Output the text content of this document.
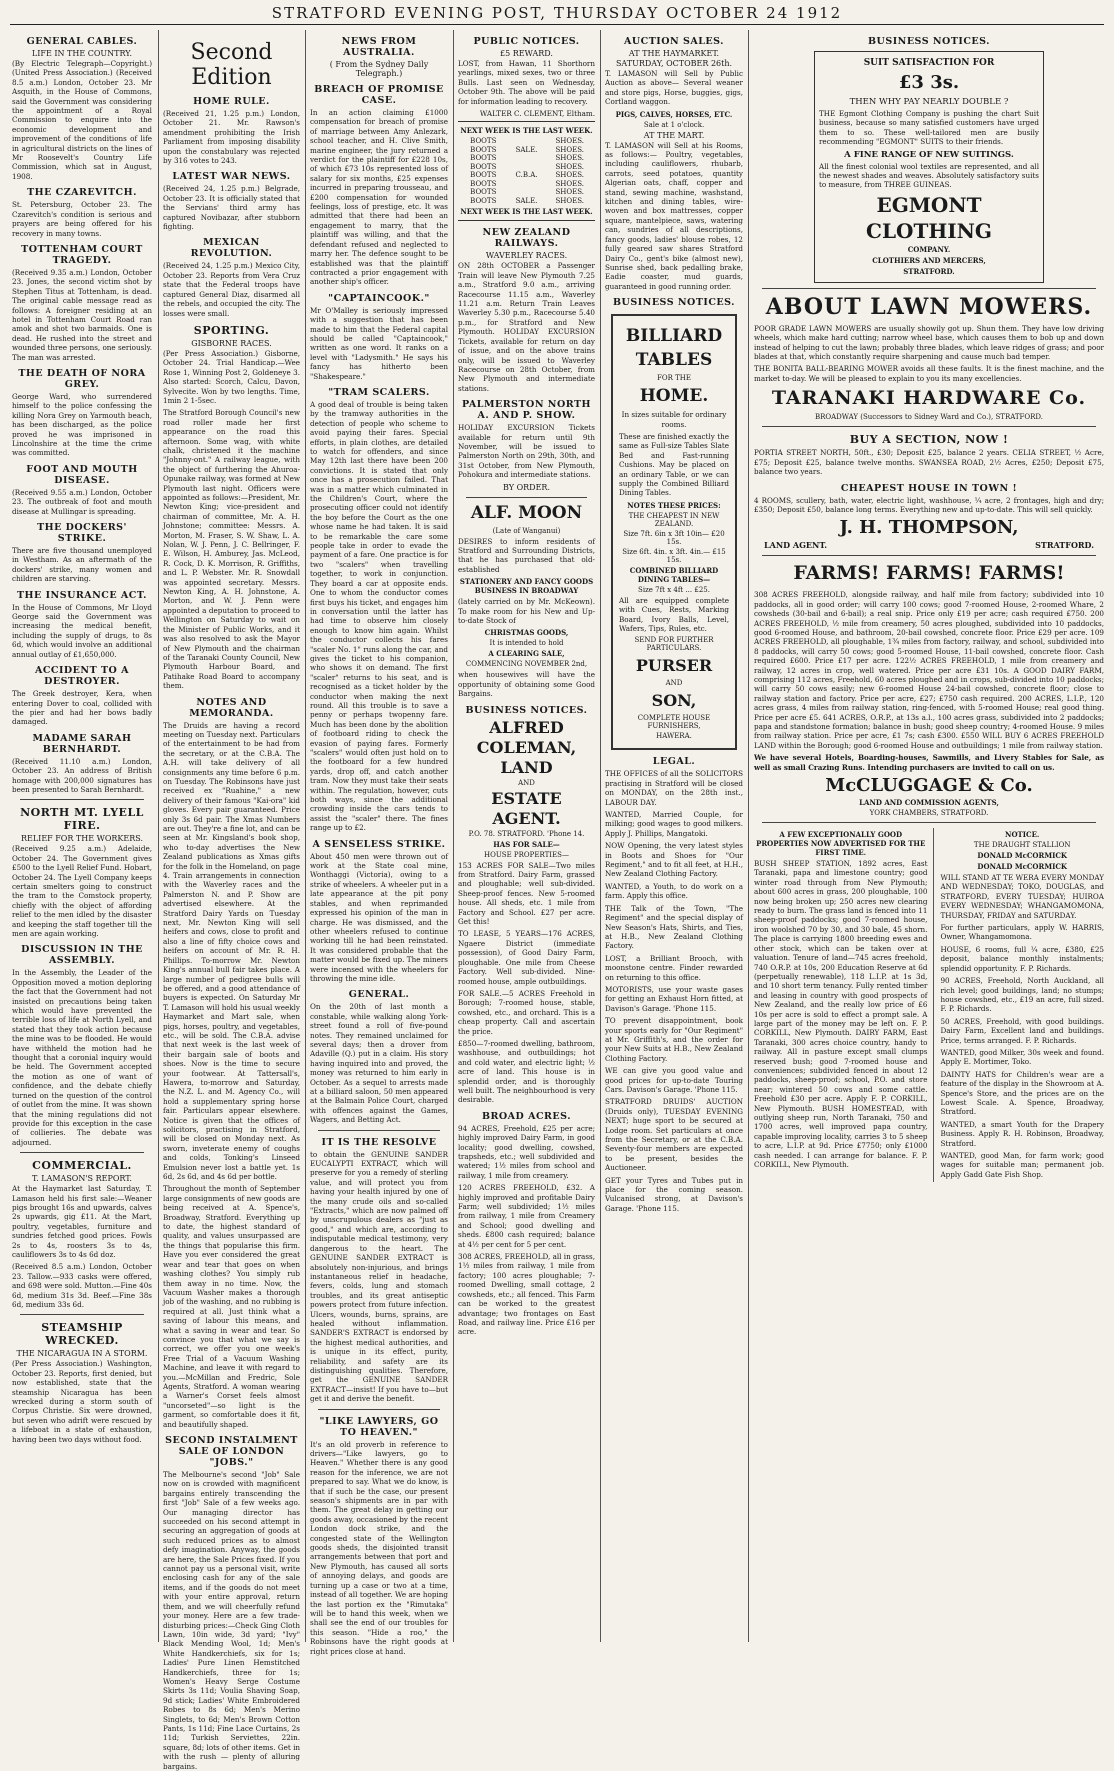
STRATFORD EVENING POST, THURSDAY OCTOBER 24 1912
GENERAL CABLES.
LIFE IN THE COUNTRY.

(By Electric Telegraph—Copyright.) (United Press Association.) (Received 8.5 a.m.) London, October 23. Mr Asquith, in the House of Commons, said the Government was considering the appointment of a Royal Commission to enquire into the economic development and improvement of the conditions of life in agricultural districts on the lines of Mr Roosevelt's Country Life Commission, which sat in August, 1908.

THE CZAREVITCH.

St. Petersburg, October 23. The Czarevitch's condition is serious and prayers are being offered for his recovery in many towns.

TOTTENHAM COURT TRAGEDY.

(Received 9.35 a.m.) London, October 23. Jones, the second victim shot by Stephen Titus at Tottenham, is dead. The original cable message read as follows: A foreigner residing at an hotel in Tottenham Court Road ran amok and shot two barmaids. One is dead. He rushed into the street and wounded three persons, one seriously. The man was arrested.

THE DEATH OF NORA GREY.

George Ward, who surrendered himself to the police confessing the killing Nora Grey on Yarmouth beach, has been discharged, as the police proved he was imprisoned in Lincolnshire at the time the crime was committed.

FOOT AND MOUTH DISEASE.

(Received 9.55 a.m.) London, October 23. The outbreak of foot and mouth disease at Mullingar is spreading.

THE DOCKERS' STRIKE.

There are five thousand unemployed in Westham. As an aftermath of the dockers' strike, many women and children are starving.

THE INSURANCE ACT.

In the House of Commons, Mr Lloyd George said the Government was increasing the medical benefit, including the supply of drugs, to 8s 6d, which would involve an additional annual outlay of £1,650,000.

ACCIDENT TO A DESTROYER.

The Greek destroyer, Kera, when entering Dover to coal, collided with the pier and had her bows badly damaged.

MADAME SARAH BERNHARDT.

(Received 11.10 a.m.) London, October 23. An address of British homage with 200,000 signatures has been presented to Sarah Bernhardt.

NORTH MT. LYELL FIRE.
RELIEF FOR THE WORKERS.

(Received 9.25 a.m.) Adelaide, October 24. The Government gives £500 to the Lyell Relief Fund. Hobart, October 24. The Lyell Company keeps certain smelters going to construct the tram to the Comstock property, chiefly with the object of affording relief to the men idled by the disaster and keeping the staff together till the men are again working.

DISCUSSION IN THE ASSEMBLY.

In the Assembly, the Leader of the Opposition moved a motion deploring the fact that the Government had not insisted on precautions being taken which would have prevented the terrible loss of life at North Lyell, and stated that they took action because the mine was to be flooded. He would have withheld the motion had he thought that a coronial inquiry would be held. The Government accepted the motion as one of want of confidence, and the debate chiefly turned on the question of the control of outlet from the mine. It was shown that the mining regulations did not provide for this exception in the case of collieries. The debate was adjourned.

COMMERCIAL.
T. LAMASON'S REPORT.

At the Haymarket last Saturday, T. Lamason held his first sale:—Weaner pigs brought 16s and upwards, calves 2s upwards, gig £11. At the Mart, poultry, vegetables, furniture and sundries fetched good prices. Fowls 2s to 4s, roosters 3s to 4s, cauliflowers 3s to 4s 6d doz.

(Received 8.5 a.m.) London, October 23. Tallow.—933 casks were offered, and 698 were sold. Mutton.—Fine 40s 6d, medium 31s 3d. Beef.—Fine 38s 6d, medium 33s 6d.

STEAMSHIP WRECKED.
THE NICARAGUA IN A STORM.

(Per Press Association.) Washington, October 23. Reports, first denied, but now established, state that the steamship Nicaragua has been wrecked during a storm south of Corpus Christie. Six were drowned, but seven who adrift were rescued by a lifeboat in a state of exhaustion, having been two days without food.

Second Edition
HOME RULE.

(Received 21, 1.25 p.m.) London, October 21. Mr. Rawson's amendment prohibiting the Irish Parliament from imposing disability upon the constabulary was rejected by 316 votes to 243.

LATEST WAR NEWS.

(Received 24, 1.25 p.m.) Belgrade, October 23. It is officially stated that the Servians' third army has captured Novibazar, after stubborn fighting.

MEXICAN REVOLUTION.

(Received 24, 1.25 p.m.) Mexico City, October 23. Reports from Vera Cruz state that the Federal troops have captured General Diaz, disarmed all the rebels, and occupied the city. The losses were small.

SPORTING.
GISBORNE RACES.

(Per Press Association.) Gisborne, October 24. Trial Handicap.—Wee Rose 1, Winning Post 2, Goldeneye 3. Also started: Scorch, Calcu, Davon, Sylvecite. Won by two lengths. Time, 1min 2 1-5sec.

The Stratford Borough Council's new road roller made her first appearance on the road this afternoon. Some wag, with white chalk, christened it the machine "Johnny-ont." A railway league, with the object of furthering the Ahuroa-Opunake railway, was formed at New Plymouth last night. Officers were appointed as follows:—President, Mr. Newton King; vice-president and chairman of committee, Mr. A. H. Johnstone; committee: Messrs. A. Morton, M. Fraser, S. W. Shaw, L. A. Nolan, W. J. Penn, J. C. Bellringer, F. E. Wilson, H. Amburey, Jas. McLeod, R. Cock, D. K. Morrison, R. Griffiths, and L. P. Webster. Mr. R. Snowdall was appointed secretary. Messrs. Newton King, A. H. Johnstone, A. Morton, and W. J. Penn were appointed a deputation to proceed to Wellington on Saturday to wait on the Minister of Public Works, and it was also resolved to ask the Mayor of New Plymouth and the chairman of the Taranaki County Council, New Plymouth Harbour Board, and Patihake Road Board to accompany them.

NOTES AND MEMORANDA.

The Druids are having a record meeting on Tuesday next. Particulars of the entertainment to be had from the secretary, or at the C.B.A. The A.H. will take delivery of all consignments any time before 6 p.m. on Tuesday. The Robinsons have just received ex "Ruahine," a new delivery of their famous "Kai-ora" kid gloves. Every pair guaranteed. Price only 3s 6d pair. The Xmas Numbers are out. They're a fine lot, and can be seen at Mr. Kingsland's book shop, who to-day advertises the New Zealand publications as Xmas gifts for the folk in the Homeland, on page 4. Train arrangements in connection with the Waverley races and the Palmerston N. and P. Show are advertised elsewhere. At the Stratford Dairy Yards on Tuesday next, Mr. Newton King will sell heifers and cows, close to profit and also a line of fifty choice cows and heifers on account of Mr. R. H. Phillips. To-morrow Mr. Newton King's annual bull fair takes place. A large number of pedigree bulls will be offered, and a good attendance of buyers is expected. On Saturday Mr T. Lamason will hold his usual weekly Haymarket and Mart sale, when pigs, horses, poultry, and vegetables, etc., will be sold. The C.B.A. advise that next week is the last week of their bargain sale of boots and shoes. Now is the time to secure your footwear. At Tattersall's, Hawera, to-morrow and Saturday, the N.Z. L. and M. Agency Co., will hold a supplementary spring horse fair. Particulars appear elsewhere. Notice is given that the offices of solicitors, practising in Stratford, will be closed on Monday next. As sworn, inveterate enemy of coughs and colds, Tonking's Linseed Emulsion never lost a battle yet. 1s 6d, 2s 6d, and 4s 6d per bottle.

Throughout the month of September large consignments of new goods are being received at A. Spence's, Broadway, Stratford. Everything up to date, the highest standard of quality, and values unsurpassed are the things that popularise this firm. Have you ever considered the great wear and tear that goes on when washing clothes? You simply rub them away in no time. Now, the Vacuum Washer makes a thorough job of the washing, and no rubbing is required at all. Just think what a saving of labour this means, and what a saving in wear and tear. So convince you that what we say is correct, we offer you one week's Free Trial of a Vacuum Washing Machine, and leave it with regard to you.—McMillan and Fredric, Sole Agents, Stratford. A woman wearing a Warner's Corset feels almost "uncorseted"—so light is the garment, so comfortable does it fit, and beautifully shaped.

SECOND INSTALMENT SALE OF LONDON "JOBS."

The Melbourne's second "Job" Sale now on is crowded with magnificent bargains entirely transcending the first "Job" Sale of a few weeks ago. Our managing director has succeeded on his second attempt in securing an aggregation of goods at such reduced prices as to almost defy imagination. Anyway, the goods are here, the Sale Prices fixed. If you cannot pay us a personal visit, write enclosing cash for any of the sale items, and if the goods do not meet with your entire approval, return them, and we will cheerfully refund your money. Here are a few trade-disturbing prices:—Check Ging Cloth Lawn, 10in wide, 3d yard; "Ivy" Black Mending Wool, 1d; Men's White Handkerchiefs, six for 1s; Ladies' Pure Linen Hemstitched Handkerchiefs, three for 1s; Women's Heavy Serge Costume Skirts 3s 11d; Voulia Shaving Soap, 9d stick; Ladies' White Embroidered Robes to 8s 6d; Men's Merino Singlets, to 6d; Men's Brown Cotton Pants, 1s 11d; Fine Lace Curtains, 2s 11d; Turkish Serviettes, 22in. square, 8d; lots of other items. Get in with the rush — plenty of alluring bargains.

NEWS FROM AUSTRALIA.
( From the Sydney Daily Telegraph.)
BREACH OF PROMISE CASE.

In an action claiming £1000 compensation for breach of promise of marriage between Amy Anlezark, school teacher, and H. Clive Smith, marine engineer, the jury returned a verdict for the plaintiff for £228 10s, of which £73 10s represented loss of salary for six months, £25 expenses incurred in preparing trousseau, and £200 compensation for wounded feelings, loss of prestige, etc. It was admitted that there had been an engagement to marry, that the plaintiff was willing, and that the defendant refused and neglected to marry her. The defence sought to be established was that the plaintiff contracted a prior engagement with another ship's officer.

"CAPTAINCOOK."

Mr O'Malley is seriously impressed with a suggestion that has been made to him that the Federal capital should be called "Captaincook," written as one word. It ranks on a level with "Ladysmith." He says his fancy has hitherto been "Shakespeare."

"TRAM SCALERS.

A good deal of trouble is being taken by the tramway authorities in the detection of people who scheme to avoid paying their fares. Special efforts, in plain clothes, are detailed to watch for offenders, and since May 12th last there have been 200 convictions. It is stated that only once has a prosecution failed. That was in a matter which culminated in the Children's Court, where the prosecuting officer could not identify the boy before the Court as the one whose name he had taken. It is said to be remarkable the care some people take in order to evade the payment of a fare. One practice is for two "scalers" when travelling together, to work in conjunction. They board a car at opposite ends. One to whom the conductor comes first buys his ticket, and engages him in conversation until the latter has had time to observe him closely enough to know him again. Whilst the conductor collects his fares "scaler No. 1" runs along the car, and gives the ticket to his companion, who shows it on demand. The first "scaler" returns to his seat, and is recognised as a ticket holder by the conductor when making the next round. All this trouble is to save a penny or perhaps twopenny fare. Much has been done by the abolition of footboard riding to check the evasion of paying fares. Formerly "scalers" would often just hold on to the footboard for a few hundred yards, drop off, and catch another tram. Now they must take their seats within. The regulation, however, cuts both ways, since the additional crowding inside the cars tends to assist the "scaler" there. The fines range up to £2.

A SENSELESS STRIKE.

About 450 men were thrown out of work at the State coal mine, Wonthaggi (Victoria), owing to a strike of wheelers. A wheeler put in a late appearance at the pit pony stables, and when reprimanded expressed his opinion of the man in charge. He was dismissed, and the other wheelers refused to continue working till he had been reinstated. It was considered probable that the matter would be fixed up. The miners were incensed with the wheelers for throwing the mine idle.

GENERAL.

On the 20th of last month a constable, while walking along York-street found a roll of five-pound notes. They remained unclaimed for several days; then a drover from Adaville (Q.) put in a claim. His story having inquired into and proved, the money was returned to him early in October. As a sequel to arrests made at a billiard saloon, 50 men appeared at the Balmain Police Court, charged with offences against the Games, Wagers, and Betting Act.

IT IS THE RESOLVE

to obtain the GENUINE SANDER EUCALYPTI EXTRACT, which will preserve for you a remedy of sterling value, and will protect you from having your health injured by one of the many crude oils and so-called "Extracts," which are now palmed off by unscrupulous dealers as "just as good," and which are, according to indisputable medical testimony, very dangerous to the heart. The GENUINE SANDER EXTRACT is absolutely non-injurious, and brings instantaneous relief in headache, fevers, colds, lung and stomach troubles, and its great antiseptic powers protect from future infection. Ulcers, wounds, burns, sprains, are healed without inflammation. SANDER'S EXTRACT is endorsed by the highest medical authorities, and is unique in its effect, purity, reliability, and safety are its distinguishing qualities. Therefore, get the GENUINE SANDER EXTRACT—insist! If you have to—but get it and derive the benefit.

"LIKE LAWYERS, GO TO HEAVEN."

It's an old proverb in reference to drivers—"Like lawyers, go to Heaven." Whether there is any good reason for the inference, we are not prepared to say. What we do know, is that if such be the case, our present season's shipments are in par with them. The great delay in getting our goods away, occasioned by the recent London dock strike, and the congested state of the Wellington goods sheds, the disjointed transit arrangements between that port and New Plymouth, has caused all sorts of annoying delays, and goods are turning up a case or two at a time, instead of all together. We are hoping the last portion ex the "Rimutaka" will be to hand this week, when we shall see the end of our troubles for this season. "Hide a roo," the Robinsons have the right goods at right prices close at hand.

PUBLIC NOTICES.
£5 REWARD.

LOST, from Hawan, 11 Shorthorn yearlings, mixed sexes, two or three Bulls. Last seen on Wednesday, October 9th. The above will be paid for information leading to recovery.

WALTER C. CLEMENT, Eltham.

NEXT WEEK IS THE LAST WEEK.
BOOTS	SHOES.
BOOTS	SALE.	SHOES.
BOOTS	SHOES.
BOOTS	SHOES.
BOOTS	C.B.A.	SHOES.
BOOTS	SHOES.
BOOTS	SHOES.
BOOTS	SALE.	SHOES.
NEXT WEEK IS THE LAST WEEK.
NEW ZEALAND RAILWAYS.
WAVERLEY RACES.

ON 28th OCTOBER a Passenger Train will leave New Plymouth 7.25 a.m., Stratford 9.0 a.m., arriving Racecourse 11.15 a.m., Waverley 11.21 a.m. Return Train Leaves Waverley 5.30 p.m., Racecourse 5.40 p.m., for Stratford and New Plymouth. HOLIDAY EXCURSION Tickets, available for return on day of issue, and on the above trains only, will be issued to Waverley Racecourse on 28th October, from New Plymouth and intermediate stations.

PALMERSTON NORTH A. AND P. SHOW.

HOLIDAY EXCURSION Tickets available for return until 9th November, will be issued to Palmerston North on 29th, 30th, and 31st October, from New Plymouth, Pohokura and intermediate stations.

BY ORDER.
ALF. MOON
(Late of Wanganui)

DESIRES to inform residents of Stratford and Surrounding Districts, that he has purchased that old-established

STATIONERY AND FANCY GOODS BUSINESS IN BROADWAY

(lately carried on by Mr. McKeown). To make room for his New and Up-to-date Stock of

CHRISTMAS GOODS,
It is intended to hold
A CLEARING SALE,
COMMENCING NOVEMBER 2nd,

when housewives will have the opportunity of obtaining some Good Bargains.

BUSINESS NOTICES.
ALFRED
COLEMAN,
LAND
AND
ESTATE
AGENT.
P.O. 78. STRATFORD. 'Phone 14.
HAS FOR SALE—
HOUSE PROPERTIES—

153 ACRES FOR SALE—Two miles from Stratford. Dairy Farm, grassed and ploughable; well sub-divided. Sheep-proof fences. New 5-roomed house. All sheds, etc. 1 mile from Factory and School. £27 per acre. Get this!

TO LEASE, 5 YEARS—176 ACRES, Ngaere District (immediate possession), of Good Dairy Farm, ploughable. One mile from Cheese Factory. Well sub-divided. Nine-roomed house, ample outbuildings.

FOR SALE.—5 ACRES Freehold in Borough; 7-roomed house, stable, cowshed, etc., and orchard. This is a cheap property. Call and ascertain the price.

£850—7-roomed dwelling, bathroom, washhouse, and outbuildings; hot and cold water, and electric light; ½ acre of land. This house is in splendid order, and is thoroughly well built. The neighbourhood is very desirable.

BROAD ACRES.

94 ACRES, Freehold, £25 per acre; highly improved Dairy Farm, in good locality; good dwelling, cowshed, trapsheds, etc.; well subdivided and watered; 1½ miles from school and railway, 1 mile from creamery.

120 ACRES FREEHOLD, £32. A highly improved and profitable Dairy Farm; well subdivided; 1½ miles from railway, 1 mile from Creamery and School; good dwelling and sheds. £800 cash required; balance at 4½ per cent for 5 per cent.

308 ACRES, FREEHOLD, all in grass, 1½ miles from railway, 1 mile from factory; 100 acres ploughable; 7-roomed Dwelling, small cottage, 2 cowsheds, etc.; all fenced. This Farm can be worked to the greatest advantage; two frontages on East Road, and railway line. Price £16 per acre.

AUCTION SALES.
AT THE HAYMARKET.
SATURDAY, OCTOBER 26th.

T. LAMASON will Sell by Public Auction as above— Several weaner and store pigs, Horse, buggies, gigs, Cortland waggon.

PIGS, CALVES, HORSES, ETC.
Sale at 1 o'clock.
AT THE MART.

T. LAMASON will Sell at his Rooms, as follows:— Poultry, vegetables, including cauliflowers, rhubarb, carrots, seed potatoes, quantity Algerian oats, chaff, copper and stand, sewing machine, washstand, kitchen and dining tables, wire-woven and box mattresses, copper square, mantelpiece, saws, watering can, sundries of all descriptions, fancy goods, ladies' blouse robes, 12 fully geared saw shares Stratford Dairy Co., gent's bike (almost new), Sunrise shed, back pedalling brake, Eadie coaster, mud guards, guaranteed in good running order.

BUSINESS NOTICES.
BILLIARD
TABLES
FOR THE
HOME.

In sizes suitable for ordinary rooms.

These are finished exactly the same as Full-size Tables Slate Bed and Fast-running Cushions. May be placed on an ordinary Table, or we can supply the Combined Billiard Dining Tables.

NOTES THESE PRICES:
THE CHEAPEST IN NEW ZEALAND.
Size 7ft. 6in x 3ft 10in— £20 15s.
Size 6ft. 4in. x 3ft. 4in.— £15 15s.
COMBINED BILLIARD DINING TABLES—
Size 7ft x 4ft ... £25.

All are equipped complete with Cues, Rests, Marking Board, Ivory Balls, Level, Wafers, Tips, Rules, etc.

SEND FOR FURTHER PARTICULARS.
PURSER
AND
SON,
COMPLETE HOUSE FURNISHERS,
HAWERA.
LEGAL.

THE OFFICES of all the SOLICITORS practising in Stratford will be closed on MONDAY, on the 28th inst., LABOUR DAY.

WANTED, Married Couple, for milking; good wages to good milkers. Apply J. Phillips, Mangatoki.

NOW Opening, the very latest styles in Boots and Shoes for "Our Regiment," and to fit all feet, at H.H., New Zealand Clothing Factory.

WANTED, a Youth, to do work on a farm. Apply this office.

THE Talk of the Town, "The Regiment" and the special display of New Season's Hats, Shirts, and Ties, at H.B., New Zealand Clothing Factory.

LOST, a Brilliant Brooch, with moonstone centre. Finder rewarded on returning to this office.

MOTORISTS, use your waste gases for getting an Exhaust Horn fitted, at Davison's Garage. 'Phone 115.

TO prevent disappointment, book your sports early for "Our Regiment" at Mr. Griffith's, and the order for your New Suits at H.B., New Zealand Clothing Factory.

WE can give you good value and good prices for up-to-date Touring Cars. Davison's Garage. 'Phone 115.

STRATFORD DRUIDS' AUCTION (Druids only), TUESDAY EVENING NEXT; huge sport to be secured at Lodge room. Set particulars at once from the Secretary, or at the C.B.A. Seventy-four members are expected to be present, besides the Auctioneer.

GET your Tyres and Tubes put in place for the coming season. Vulcanised strong, at Davison's Garage. 'Phone 115.

BUSINESS NOTICES.
SUIT SATISFACTION FOR
£3 3s.
THEN WHY PAY NEARLY DOUBLE ?

THE Egmont Clothing Company is pushing the chart Suit business, because so many satisfied customers have urged them to so. These well-tailored men are busily recommending "EGMONT" SUITS to their friends.

A FINE RANGE OF NEW SUITINGS.

All the finest colonial wool textiles are represented, and all the newest shades and weaves. Absolutely satisfactory suits to measure, from THREE GUINEAS.

EGMONT
CLOTHING
COMPANY.
CLOTHIERS AND MERCERS,
STRATFORD.
ABOUT LAWN MOWERS.

POOR GRADE LAWN MOWERS are usually showily got up. Shun them. They have low driving wheels, which make hard cutting; narrow wheel base, which causes them to bob up and down instead of helping to cut the lawn; probably three blades, which leave ridges of grass; and poor blades at that, which constantly require sharpening and cause much bad temper.

THE BONITA BALL-BEARING MOWER avoids all these faults. It is the finest machine, and the market to-day. We will be pleased to explain to you its many excellencies.

TARANAKI HARDWARE Co.
BROADWAY (Successors to Sidney Ward and Co.), STRATFORD.
BUY A SECTION, NOW !

PORTIA STREET NORTH, 50ft., £30; Deposit £25, balance 2 years. CELIA STREET, ½ Acre, £75; Deposit £25, balance twelve months. SWANSEA ROAD, 2½ Acres, £250; Deposit £75, balance two years.

CHEAPEST HOUSE IN TOWN !

4 ROOMS, scullery, bath, water, electric light, washhouse, ¼ acre, 2 frontages, high and dry; £350; Deposit £50, balance long terms. Everything new and up-to-date. This will sell quickly.

J. H. THOMPSON,
LAND AGENT.	STRATFORD.
FARMS! FARMS! FARMS!

308 ACRES FREEHOLD, alongside railway, and half mile from factory; subdivided into 10 paddocks, all in good order; will carry 100 cows; good 7-roomed House, 2-roomed Whare, 2 cowsheds (30-bail and 6-bail); a real snip. Price only £19 per acre; cash required £750. 200 ACRES FREEHOLD, ½ mile from creamery, 50 acres ploughed, subdivided into 10 paddocks, good 6-roomed House, and bathroom, 20-bail cowshed, concrete floor. Price £29 per acre. 109 ACRES FREEHOLD, all ploughable, 1¾ miles from factory, railway, and school, subdivided into 8 paddocks, will carry 50 cows; good 5-roomed House, 11-bail cowshed, concrete floor. Cash required £600. Price £17 per acre. 122½ ACRES FREEHOLD, 1 mile from creamery and railway, 12 acres in crop, well watered. Price per acre £31 10s. A GOOD DAIRY FARM, comprising 112 acres, Freehold, 60 acres ploughed and in crops, sub-divided into 10 paddocks; will carry 50 cows easily; new 6-roomed House 24-bail cowshed, concrete floor; close to railway station and factory. Price per acre, £27; £750 cash required. 200 ACRES, L.I.P., 120 acres grass, 4 miles from railway station, ring-fenced, with 5-roomed House; real good thing. Price per acre £5. 641 ACRES, O.R.P., at 13s a.l., 100 acres grass, subdivided into 2 paddocks; papa and standstone formation; balance in bush; good sheep country; 4-roomed House. 9 miles from railway station. Price per acre, £1 7s; cash £300. £550 WILL BUY 6 ACRES FREEHOLD LAND within the Borough; good 6-roomed House and outbuildings; 1 mile from railway station.

We have several Hotels, Boarding-houses, Sawmills, and Livery Stables for Sale, as well as small Crazing Runs. Intending purchasers are invited to call on us.

McCLUGGAGE & Co.
LAND AND COMMISSION AGENTS,
YORK CHAMBERS, STRATFORD.
A FEW EXCEPTIONALLY GOOD PROPERTIES NOW ADVERTISED FOR THE FIRST TIME.

BUSH SHEEP STATION, 1892 acres, East Taranaki, papa and limestone country; good winter road through from New Plymouth; about 600 acres in grass, 200 ploughable, 100 now being broken up; 250 acres new clearing ready to burn. The grass land is fenced into 11 sheep-proof paddocks; good 7-roomed house, iron woolshed 70 by 30, and 30 bale, 45 shorn. The place is carrying 1800 breeding ewes and other stock, which can be taken over at valuation. Tenure of land—745 acres freehold, 740 O.R.P. at 10s, 200 Education Reserve at 6d (perpetually renewable), 118 L.I.P. at 1s 3d, and 10 short term tenancy. Fully rented timber and leasing in country with good prospects of New Zealand, and the really low price of £6 10s per acre is sold to effect a prompt sale. A large part of the money may be left on. F. P. CORKILL, New Plymouth. DAIRY FARM, East Taranaki, 300 acres choice country, handy to railway. All in pasture except small clumps reserved bush; good 7-roomed house and conveniences; subdivided fenced in about 12 paddocks, sheep-proof; school, P.O. and store near; wintered 50 cows and some cattle. Freehold £30 per acre. Apply F. P. CORKILL, New Plymouth. BUSH HOMESTEAD, with outlying sheep run, North Taranaki, 750 and 1700 acres, well improved papa country, capable improving locality, carries 3 to 5 sheep to acre, L.I.P. at 9d. Price £7750; only £1000 cash needed. I can arrange for balance. F. P. CORKILL, New Plymouth.

NOTICE.
THE DRAUGHT STALLION
DONALD McCORMICK
DONALD McCORMICK

WILL STAND AT TE WERA EVERY MONDAY AND WEDNESDAY; TOKO, DOUGLAS, and STRATFORD, EVERY TUESDAY; HUIROA EVERY WEDNESDAY; WHANGAMOMONA, THURSDAY, FRIDAY and SATURDAY.

For further particulars, apply W. HARRIS, Owner, Whangamomona.

HOUSE, 6 rooms, full ¼ acre, £380, £25 deposit, balance monthly instalments; splendid opportunity. F. P. Richards.

90 ACRES, Freehold, North Auckland, all rich level; good buildings, land; no stumps; house cowshed, etc., £19 an acre, full sized. F. P. Richards.

50 ACRES, Freehold, with good buildings. Dairy Farm, Excellent land and buildings. Price, terms arranged. F. P. Richards.

WANTED, good Milker, 30s week and found. Apply E. Mortimer, Toko.

DAINTY HATS for Children's wear are a feature of the display in the Showroom at A. Spence's Store, and the prices are on the Lowest Scale. A. Spence, Broadway, Stratford.

WANTED, a smart Youth for the Drapery Business. Apply R. H. Robinson, Broadway, Stratford.

WANTED, good Man, for farm work; good wages for suitable man; permanent job. Apply Gadd Gate Fish Shop.
